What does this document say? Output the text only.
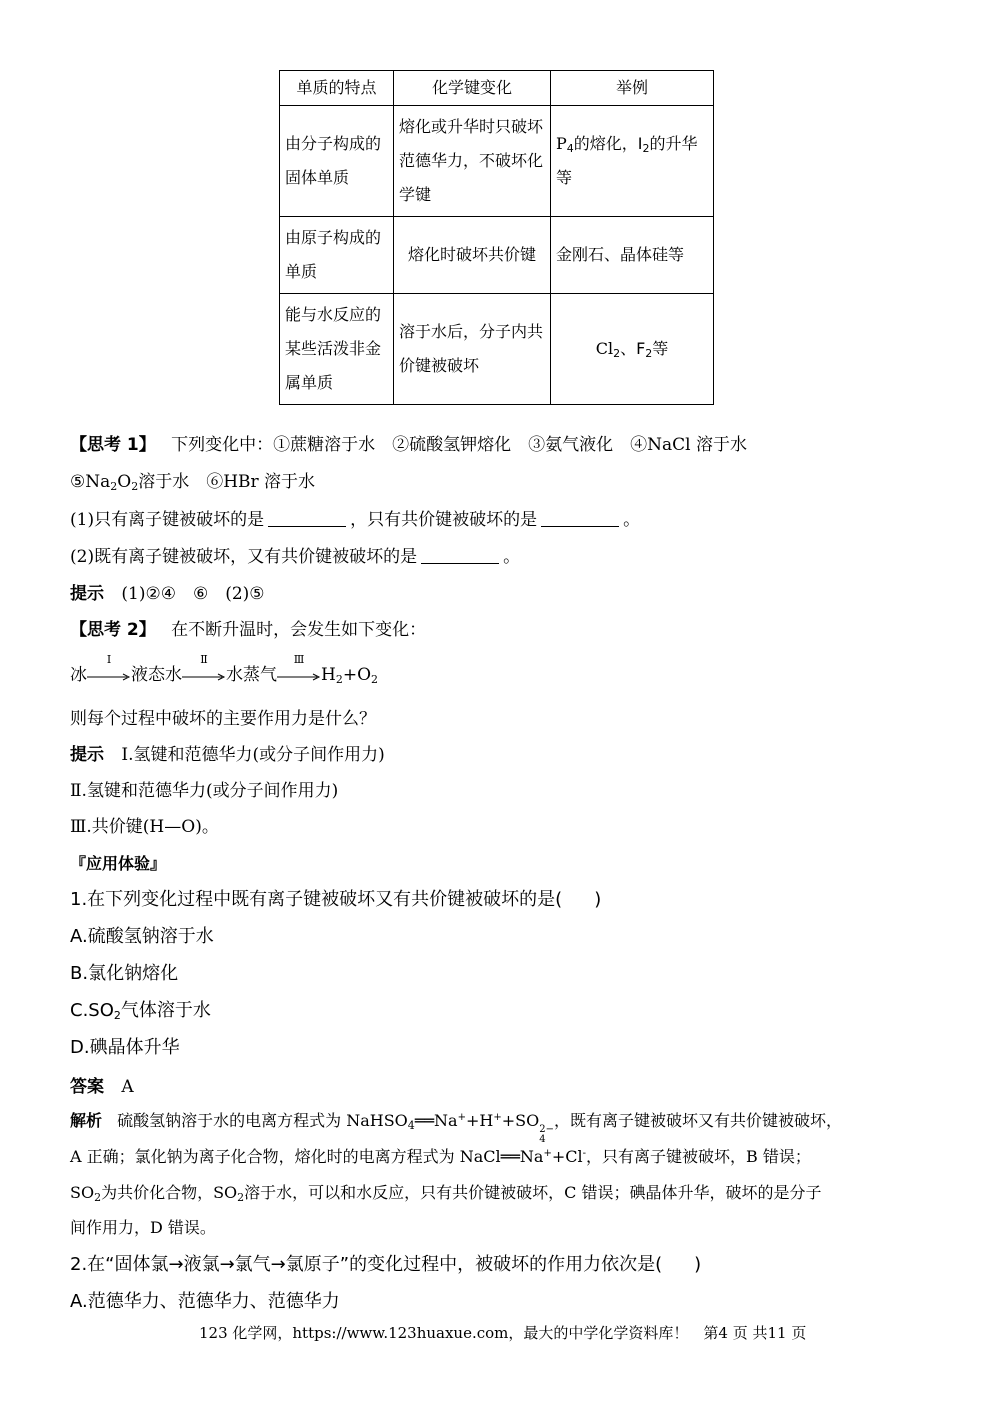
单质的特点	化学键变化	举例
由分子构成的固体单质	熔化或升华时只破坏范德华力，不破坏化学键	$P_4$的熔化，$I_2$的升华等
由原子构成的单质	熔化时破坏共价键	金刚石、晶体硅等
能与水反应的某些活泼非金属单质	溶于水后，分子内共价键被破坏	$Cl_2$、$F_2$等
【思考 1】 下列变化中：①蔗糖溶于水　②硫酸氢钾熔化　③氨气液化　④NaCl 溶于水
$⑤Na_2O_2$溶于水　⑥HBr 溶于水
(1)只有离子键被破坏的是	，只有共价键被破坏的是	。
(2)既有离子键被破坏，又有共价键被破坏的是	。
提示 (1)②④　⑥　(2)⑤
【思考 2】 在不断升温时，会发生如下变化：
冰
Ⅰ
液态水
Ⅱ
水蒸气
Ⅲ
$H_2+O_2$
则每个过程中破坏的主要作用力是什么？
提示 Ⅰ.氢键和范德华力(或分子间作用力)
Ⅱ.氢键和范德华力(或分子间作用力)
Ⅲ.共价键(H—O)。
『应用体验』
1.在下列变化过程中既有离子键被破坏又有共价键被破坏的是( )
A.硫酸氢钠溶于水
B.氯化钠熔化
$C.SO_2$气体溶于水
D.碘晶体升华
答案 A
解析 硫酸氢钠溶于水的电离方程式为 NaHSO$_4$══Na++H++SO 2−
4
，既有离子键被破坏又有共价键被破坏，
A 正确；氯化钠为离子化合物，熔化时的电离方程式为 NaCl══Na++Cl-，只有离子键被破坏，B 错误；
$SO_2$为共价化合物，$SO_2$溶于水，可以和水反应，只有共价键被破坏，C 错误；碘晶体升华，破坏的是分子
间作用力，D 错误。
2.在“固体氯→液氯→氯气→氯原子”的变化过程中，被破坏的作用力依次是( )
A.范德华力、范德华力、范德华力
123 化学网，https://www.123huaxue.com，最大的中学化学资料库！　第4 页 共11 页
